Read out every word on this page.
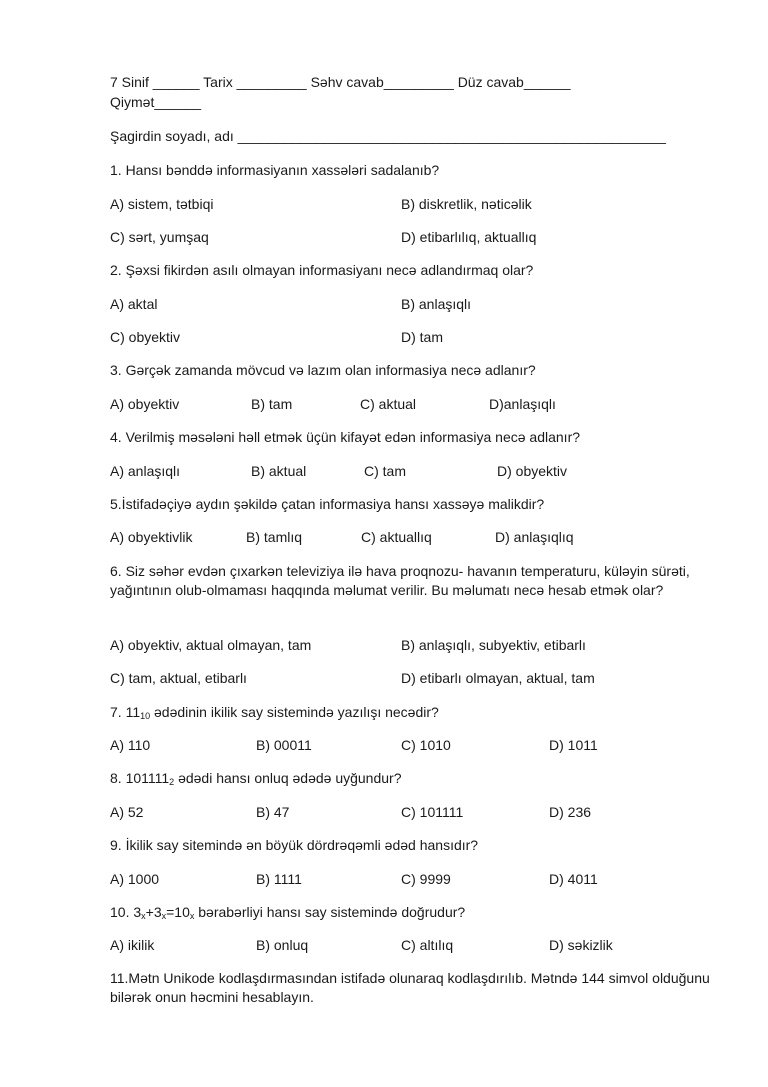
7 Sinif ______ Tarix _________ Səhv cavab_________ Düz cavab______
Qiymət______
Şagirdin soyadı, adı _______________________________________________________
1. Hansı bənddə informasiyanın xassələri sadalanıb?
A) sistem, tətbiqi	B) diskretlik, nəticəlik
C) sərt, yumşaq	D) etibarlılıq, aktuallıq
2. Şəxsi fikirdən asılı olmayan informasiyanı necə adlandırmaq olar?
A) aktal	B) anlaşıqlı
C) obyektiv	D) tam
3. Gərçək zamanda mövcud və lazım olan informasiya necə adlanır?
A) obyektiv	B) tam	C) aktual	D)anlaşıqlı
4. Verilmiş məsələni həll etmək üçün kifayət edən informasiya necə adlanır?
A) anlaşıqlı	B) aktual	C) tam	D) obyektiv
5.İstifadəçiyə aydın şəkildə çatan informasiya hansı xassəyə malikdir?
A) obyektivlik	B) tamlıq	C) aktuallıq	D) anlaşıqlıq
6. Siz səhər evdən çıxarkən televiziya ilə hava proqnozu- havanın temperaturu, küləyin sürəti, yağıntının olub-olmaması haqqında məlumat verilir. Bu məlumatı necə hesab etmək olar?
A) obyektiv, aktual olmayan, tam	B) anlaşıqlı, subyektiv, etibarlı
C) tam, aktual, etibarlı	D) etibarlı olmayan, aktual, tam
7. $11_{10}$ ədədinin ikilik say sistemində yazılışı necədir?
A) 110	B) 00011	C) 1010	D) 1011
8. $101111_2$ ədədi hansı onluq ədədə uyğundur?
A) 52	B) 47	C) 101111	D) 236
9. İkilik say sitemində ən böyük dördrəqəmli ədəd hansıdır?
A) 1000	B) 1111	C) 9999	D) 4011
10. $3_x+3_x=10_x$ bərabərliyi hansı say sistemində doğrudur?
A) ikilik	B) onluq	C) altılıq	D) səkizlik
11.Mətn Unikode kodlaşdırmasından istifadə olunaraq kodlaşdırılıb. Mətndə 144 simvol olduğunu bilərək onun həcmini hesablayın.
